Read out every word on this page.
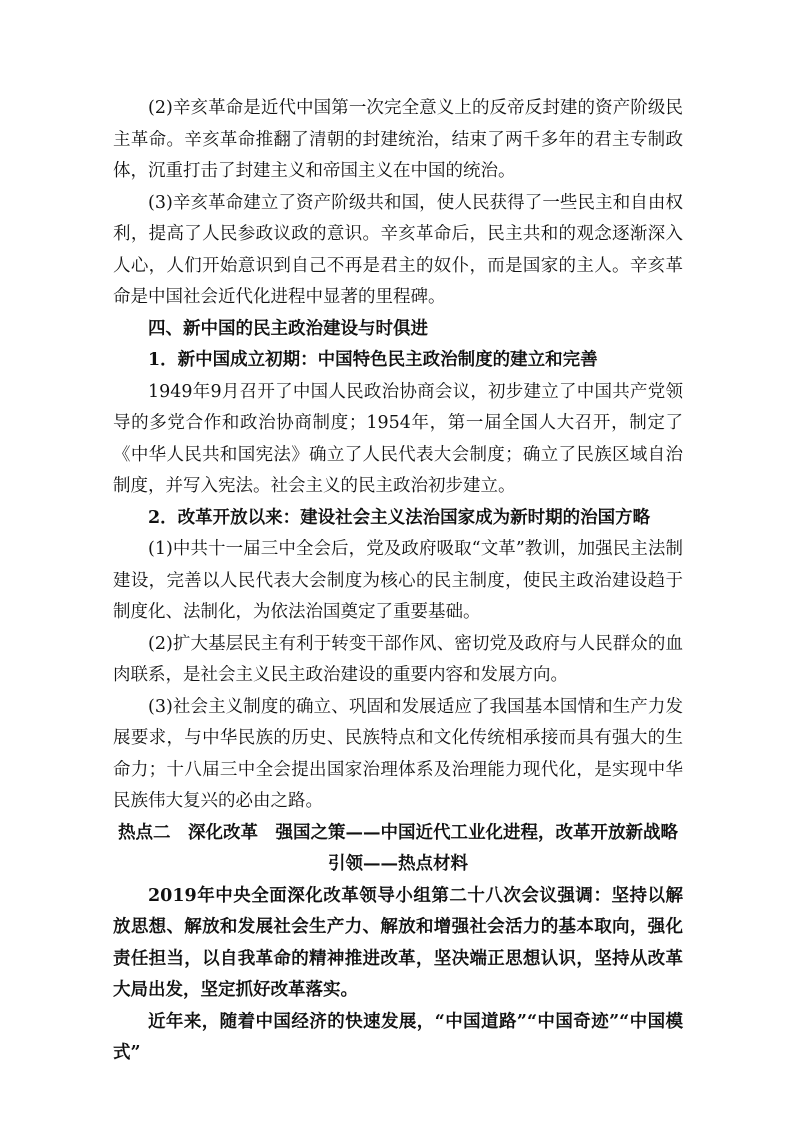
(2)辛亥革命是近代中国第一次完全意义上的反帝反封建的资产阶级民主革命。辛亥革命推翻了清朝的封建统治，结束了两千多年的君主专制政体，沉重打击了封建主义和帝国主义在中国的统治。

(3)辛亥革命建立了资产阶级共和国，使人民获得了一些民主和自由权利，提高了人民参政议政的意识。辛亥革命后，民主共和的观念逐渐深入人心，人们开始意识到自己不再是君主的奴仆，而是国家的主人。辛亥革命是中国社会近代化进程中显著的里程碑。

四、新中国的民主政治建设与时俱进

1．新中国成立初期：中国特色民主政治制度的建立和完善

1949年9月召开了中国人民政治协商会议，初步建立了中国共产党领导的多党合作和政治协商制度；1954年，第一届全国人大召开，制定了《中华人民共和国宪法》确立了人民代表大会制度；确立了民族区域自治制度，并写入宪法。社会主义的民主政治初步建立。

2．改革开放以来：建设社会主义法治国家成为新时期的治国方略

(1)中共十一届三中全会后，党及政府吸取“文革”教训，加强民主法制建设，完善以人民代表大会制度为核心的民主制度，使民主政治建设趋于制度化、法制化，为依法治国奠定了重要基础。

(2)扩大基层民主有利于转变干部作风、密切党及政府与人民群众的血肉联系，是社会主义民主政治建设的重要内容和发展方向。

(3)社会主义制度的确立、巩固和发展适应了我国基本国情和生产力发展要求，与中华民族的历史、民族特点和文化传统相承接而具有强大的生命力；十八届三中全会提出国家治理体系及治理能力现代化，是实现中华民族伟大复兴的必由之路。

热点二　深化改革　强国之策——中国近代工业化进程，改革开放新战略

引领——热点材料

2019年中央全面深化改革领导小组第二十八次会议强调：坚持以解放思想、解放和发展社会生产力、解放和增强社会活力的基本取向，强化责任担当，以自我革命的精神推进改革，坚决端正思想认识，坚持从改革大局出发，坚定抓好改革落实。

近年来，随着中国经济的快速发展，“中国道路”“中国奇迹”“中国模式”
